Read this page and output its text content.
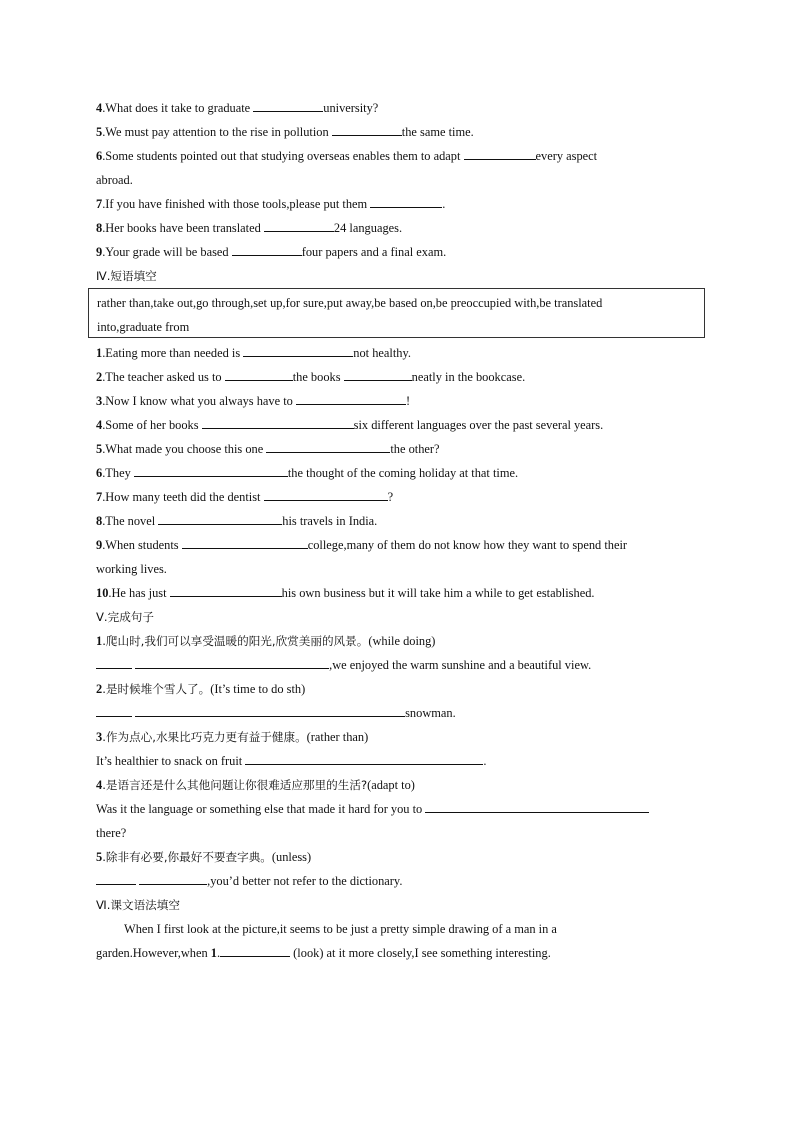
4.What does it take to graduate	university?
5.We must pay attention to the rise in pollution	the same time.
6.Some students pointed out that studying overseas enables them to adapt	every aspect
abroad.
7.If you have finished with those tools,please put them	.
8.Her books have been translated	24 languages.
9.Your grade will be based	four papers and a final exam.
Ⅳ.短语填空
rather than,take out,go through,set up,for sure,put away,be based on,be preoccupied with,be translated
into,graduate from
1.Eating more than needed is	not healthy.
2.The teacher asked us to	the books	neatly in the bookcase.
3.Now I know what you always have to	!
4.Some of her books	six different languages over the past several years.
5.What made you choose this one	the other?
6.They	the thought of the coming holiday at that time.
7.How many teeth did the dentist	?
8.The novel	his travels in India.
9.When students	college,many of them do not know how they want to spend their
working lives.
10.He has just	his own business but it will take him a while to get established.
Ⅴ.完成句子
1.爬山时,我们可以享受温暖的阳光,欣赏美丽的风景。(while doing)
,we enjoyed the warm sunshine and a beautiful view.
2.是时候堆个雪人了。(It’s time to do sth)
snowman.
3.作为点心,水果比巧克力更有益于健康。(rather than)
It’s healthier to snack on fruit	.
4.是语言还是什么其他问题让你很难适应那里的生活?(adapt to)
Was it the language or something else that made it hard for you to
there?
5.除非有必要,你最好不要查字典。(unless)
,you’d better not refer to the dictionary.
Ⅵ.课文语法填空
When I first look at the picture,it seems to be just a pretty simple drawing of a man in a
garden.However,when 1.	(look) at it more closely,I see something interesting.
